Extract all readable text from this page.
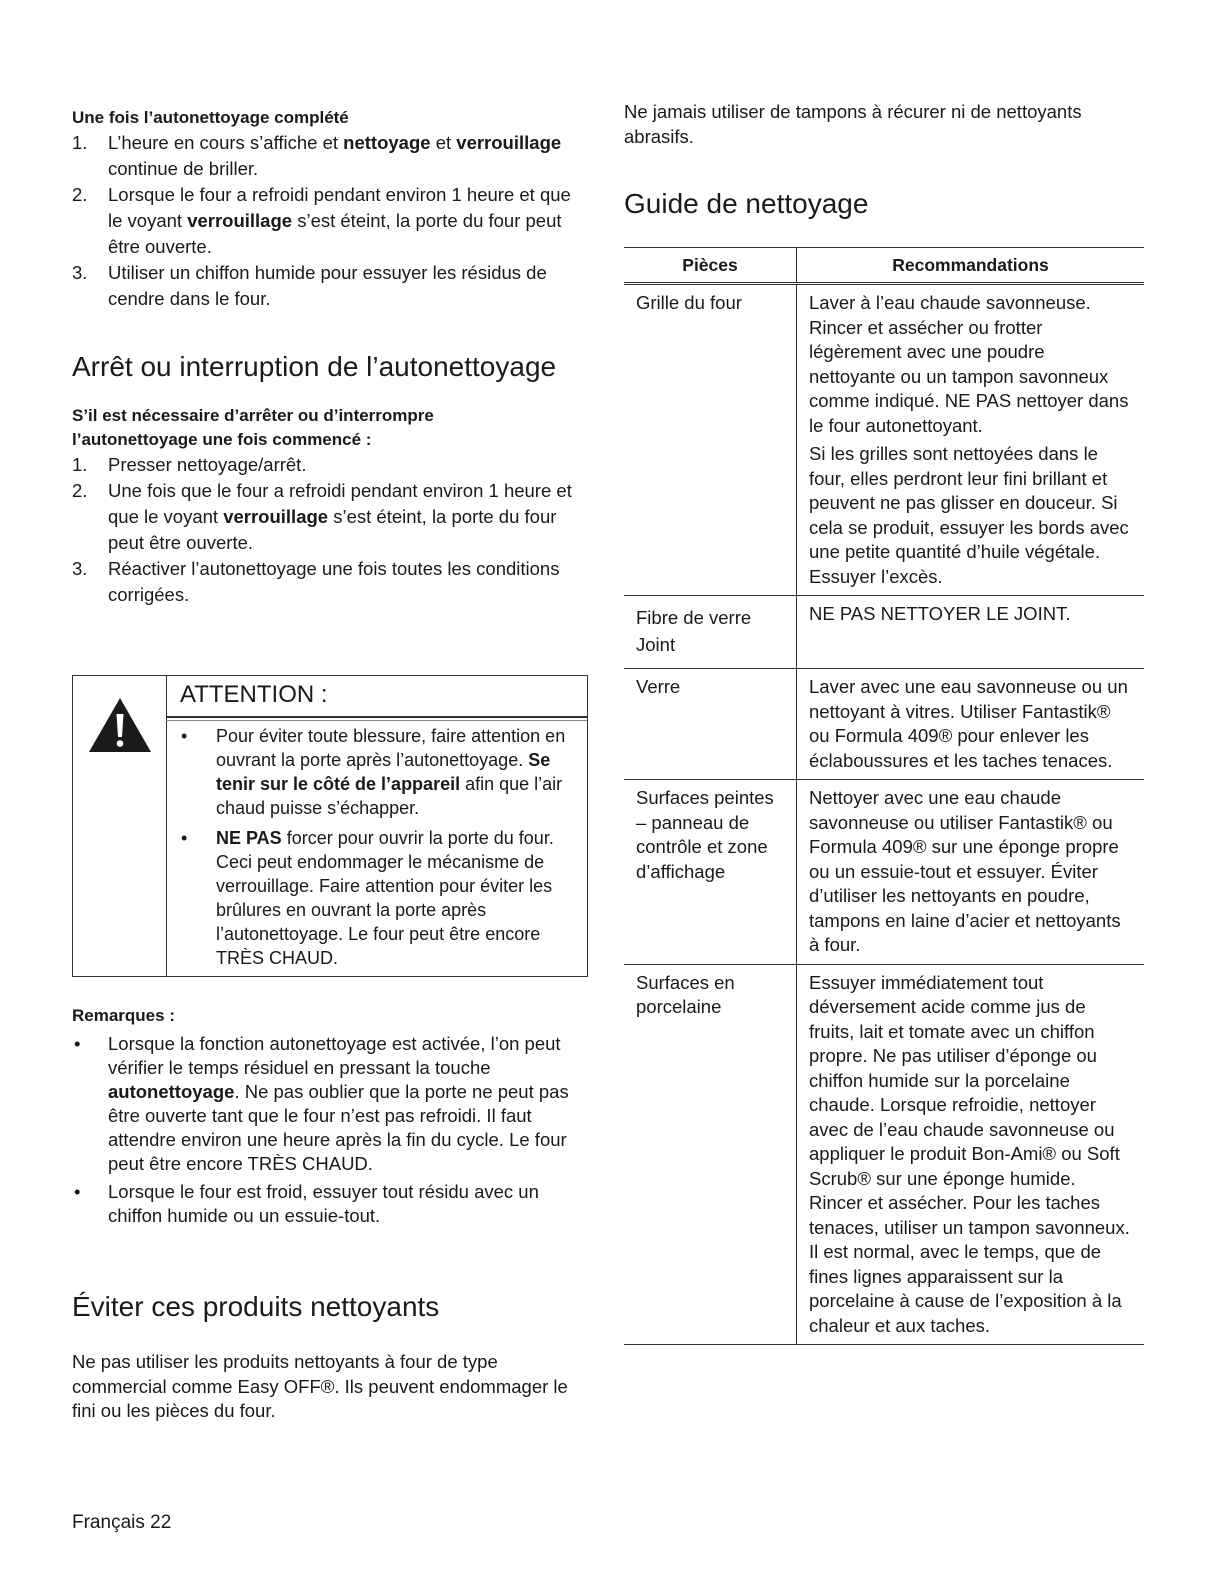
Une fois l’autonettoyage complété
1. L’heure en cours s’affiche et nettoyage et verrouillage continue de briller.
2. Lorsque le four a refroidi pendant environ 1 heure et que le voyant verrouillage s’est éteint, la porte du four peut être ouverte.
3. Utiliser un chiffon humide pour essuyer les résidus de cendre dans le four.
Arrêt ou interruption de l’autonettoyage

S’il est nécessaire d’arrêter ou d’interrompre

l’autonettoyage une fois commencé :

1. Presser nettoyage/arrêt.
2. Une fois que le four a refroidi pendant environ 1 heure et que le voyant verrouillage s’est éteint, la porte du four peut être ouverte.
3. Réactiver l’autonettoyage une fois toutes les conditions corrigées.
ATTENTION :
• Pour éviter toute blessure, faire attention en ouvrant la porte après l’autonettoyage. Se tenir sur le côté de l’appareil afin que l’air chaud puisse s’échapper.
• NE PAS forcer pour ouvrir la porte du four. Ceci peut endommager le mécanisme de verrouillage. Faire attention pour éviter les brûlures en ouvrant la porte après l’autonettoyage. Le four peut être encore TRÈS CHAUD.

Remarques :

• Lorsque la fonction autonettoyage est activée, l’on peut vérifier le temps résiduel en pressant la touche autonettoyage. Ne pas oublier que la porte ne peut pas être ouverte tant que le four n’est pas refroidi. Il faut attendre environ une heure après la fin du cycle. Le four peut être encore TRÈS CHAUD.
• Lorsque le four est froid, essuyer tout résidu avec un chiffon humide ou un essuie-tout.
Éviter ces produits nettoyants

Ne pas utiliser les produits nettoyants à four de type commercial comme Easy OFF®. Ils peuvent endommager le fini ou les pièces du four.

Ne jamais utiliser de tampons à récurer ni de nettoyants abrasifs.

Guide de nettoyage
Pièces	Recommandations
Grille du four	Laver à l’eau chaude savonneuse. Rincer et assécher ou frotter légèrement avec une poudre nettoyante ou un tampon savonneux comme indiqué. NE PAS nettoyer dans le four autonettoyant.

Si les grilles sont nettoyées dans le four, elles perdront leur fini brillant et peuvent ne pas glisser en douceur. Si cela se produit, essuyer les bords avec une petite quantité d’huile végétale. Essuyer l’excès.

Fibre de verre
Joint	NE PAS NETTOYER LE JOINT.
Verre	Laver avec une eau savonneuse ou un nettoyant à vitres. Utiliser Fantastik® ou Formula 409® pour enlever les éclaboussures et les taches tenaces.
Surfaces peintes – panneau de contrôle et zone d’affichage	Nettoyer avec une eau chaude savonneuse ou utiliser Fantastik® ou Formula 409® sur une éponge propre ou un essuie-tout et essuyer. Éviter d’utiliser les nettoyants en poudre, tampons en laine d’acier et nettoyants à four.
Surfaces en porcelaine	Essuyer immédiatement tout déversement acide comme jus de fruits, lait et tomate avec un chiffon propre. Ne pas utiliser d’éponge ou chiffon humide sur la porcelaine chaude. Lorsque refroidie, nettoyer avec de l’eau chaude savonneuse ou appliquer le produit Bon-Ami® ou Soft Scrub® sur une éponge humide. Rincer et assécher. Pour les taches tenaces, utiliser un tampon savonneux. Il est normal, avec le temps, que de fines lignes apparaissent sur la porcelaine à cause de l’exposition à la chaleur et aux taches.
Français 22
